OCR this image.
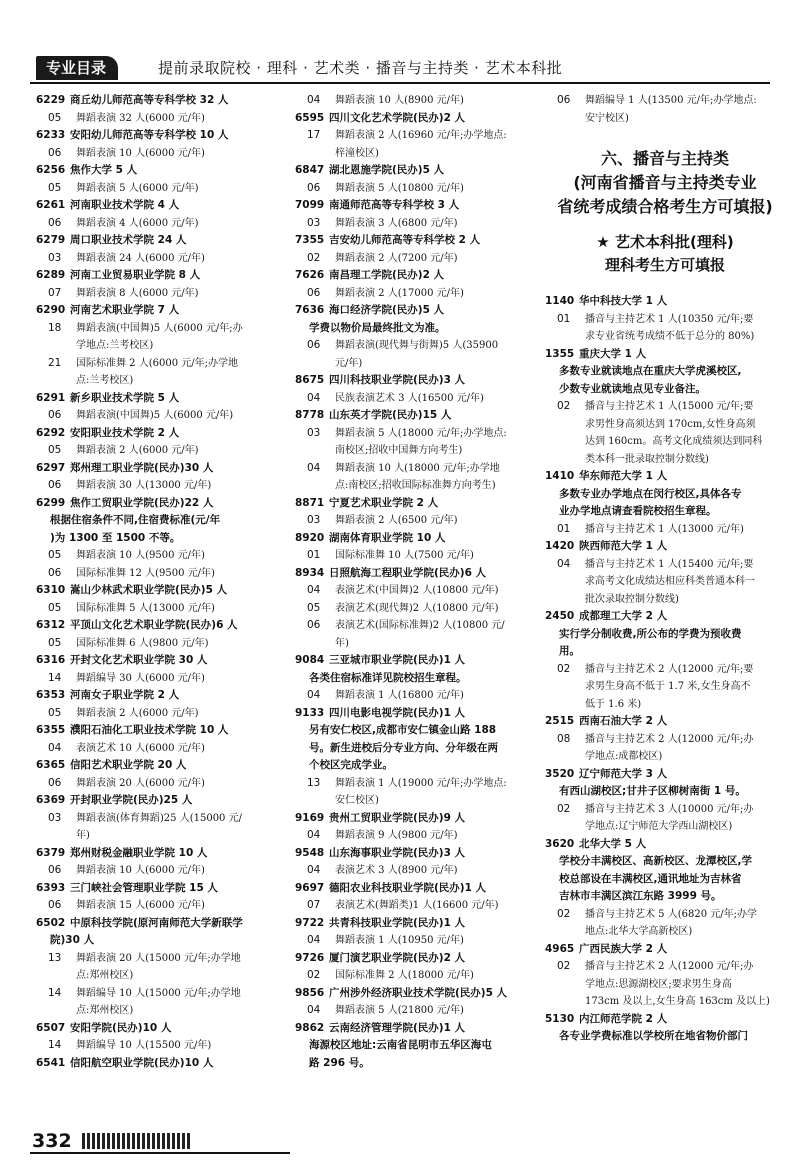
专业目录	提前录取院校 · 理科 · 艺术类 · 播音与主持类 · 艺术本科批
6229 商丘幼儿师范高等专科学校 32 人
05 舞蹈表演 32 人(6000 元/年)
6233 安阳幼儿师范高等专科学校 10 人
06 舞蹈表演 10 人(6000 元/年)
6256 焦作大学 5 人
05 舞蹈表演 5 人(6000 元/年)
6261 河南职业技术学院 4 人
06 舞蹈表演 4 人(6000 元/年)
6279 周口职业技术学院 24 人
03 舞蹈表演 24 人(6000 元/年)
6289 河南工业贸易职业学院 8 人
07 舞蹈表演 8 人(6000 元/年)
6290 河南艺术职业学院 7 人
18 舞蹈表演(中国舞)5 人(6000 元/年;办
学地点:兰考校区)
21 国际标准舞 2 人(6000 元/年;办学地
点:兰考校区)
6291 新乡职业技术学院 5 人
06 舞蹈表演(中国舞)5 人(6000 元/年)
6292 安阳职业技术学院 2 人
05 舞蹈表演 2 人(6000 元/年)
6297 郑州理工职业学院(民办)30 人
06 舞蹈表演 30 人(13000 元/年)
6299 焦作工贸职业学院(民办)22 人
根据住宿条件不同,住宿费标准(元/年
)为 1300 至 1500 不等。
05 舞蹈表演 10 人(9500 元/年)
06 国际标准舞 12 人(9500 元/年)
6310 嵩山少林武术职业学院(民办)5 人
05 国际标准舞 5 人(13000 元/年)
6312 平顶山文化艺术职业学院(民办)6 人
05 国际标准舞 6 人(9800 元/年)
6316 开封文化艺术职业学院 30 人
14 舞蹈编导 30 人(6000 元/年)
6353 河南女子职业学院 2 人
05 舞蹈表演 2 人(6000 元/年)
6355 濮阳石油化工职业技术学院 10 人
04 表演艺术 10 人(6000 元/年)
6365 信阳艺术职业学院 20 人
06 舞蹈表演 20 人(6000 元/年)
6369 开封职业学院(民办)25 人
03 舞蹈表演(体育舞蹈)25 人(15000 元/
年)
6379 郑州财税金融职业学院 10 人
06 舞蹈表演 10 人(6000 元/年)
6393 三门峡社会管理职业学院 15 人
06 舞蹈表演 15 人(6000 元/年)
6502 中原科技学院(原河南师范大学新联学
院)30 人
13 舞蹈表演 20 人(15000 元/年;办学地
点:郑州校区)
14 舞蹈编导 10 人(15000 元/年;办学地
点:郑州校区)
6507 安阳学院(民办)10 人
14 舞蹈编导 10 人(15500 元/年)
6541 信阳航空职业学院(民办)10 人
04 舞蹈表演 10 人(8900 元/年)
6595 四川文化艺术学院(民办)2 人
17 舞蹈表演 2 人(16960 元/年;办学地点:
梓潼校区)
6847 湖北恩施学院(民办)5 人
06 舞蹈表演 5 人(10800 元/年)
7099 南通师范高等专科学校 3 人
03 舞蹈表演 3 人(6800 元/年)
7355 吉安幼儿师范高等专科学校 2 人
02 舞蹈表演 2 人(7200 元/年)
7626 南昌理工学院(民办)2 人
06 舞蹈表演 2 人(17000 元/年)
7636 海口经济学院(民办)5 人
学费以物价局最终批文为准。
06 舞蹈表演(现代舞与街舞)5 人(35900
元/年)
8675 四川科技职业学院(民办)3 人
04 民族表演艺术 3 人(16500 元/年)
8778 山东英才学院(民办)15 人
03 舞蹈表演 5 人(18000 元/年;办学地点:
南校区;招收中国舞方向考生)
04 舞蹈表演 10 人(18000 元/年;办学地
点:南校区;招收国际标准舞方向考生)
8871 宁夏艺术职业学院 2 人
03 舞蹈表演 2 人(6500 元/年)
8920 湖南体育职业学院 10 人
01 国际标准舞 10 人(7500 元/年)
8934 日照航海工程职业学院(民办)6 人
04 表演艺术(中国舞)2 人(10800 元/年)
05 表演艺术(现代舞)2 人(10800 元/年)
06 表演艺术(国际标准舞)2 人(10800 元/
年)
9084 三亚城市职业学院(民办)1 人
各类住宿标准详见院校招生章程。
04 舞蹈表演 1 人(16800 元/年)
9133 四川电影电视学院(民办)1 人
另有安仁校区,成都市安仁镇金山路 188
号。新生进校后分专业方向、分年级在两
个校区完成学业。
13 舞蹈表演 1 人(19000 元/年;办学地点:
安仁校区)
9169 贵州工贸职业学院(民办)9 人
04 舞蹈表演 9 人(9800 元/年)
9548 山东海事职业学院(民办)3 人
04 表演艺术 3 人(8900 元/年)
9697 德阳农业科技职业学院(民办)1 人
07 表演艺术(舞蹈类)1 人(16600 元/年)
9722 共青科技职业学院(民办)1 人
04 舞蹈表演 1 人(10950 元/年)
9726 厦门演艺职业学院(民办)2 人
02 国际标准舞 2 人(18000 元/年)
9856 广州涉外经济职业技术学院(民办)5 人
04 舞蹈表演 5 人(21800 元/年)
9862 云南经济管理学院(民办)1 人
海源校区地址:云南省昆明市五华区海屯
路 296 号。
06 舞蹈编导 1 人(13500 元/年;办学地点:
安宁校区)
六、播音与主持类
(河南省播音与主持类专业
省统考成绩合格考生方可填报)
★ 艺术本科批(理科)
理科考生方可填报
1140 华中科技大学 1 人
01 播音与主持艺术 1 人(10350 元/年;要
求专业省统考成绩不低于总分的 80%)
1355 重庆大学 1 人
多数专业就读地点在重庆大学虎溪校区,
少数专业就读地点见专业备注。
02 播音与主持艺术 1 人(15000 元/年;要
求男性身高须达到 170cm,女性身高须
达到 160cm。高考文化成绩须达到同科
类本科一批录取控制分数线)
1410 华东师范大学 1 人
多数专业办学地点在闵行校区,具体各专
业办学地点请查看院校招生章程。
01 播音与主持艺术 1 人(13000 元/年)
1420 陕西师范大学 1 人
04 播音与主持艺术 1 人(15400 元/年;要
求高考文化成绩达相应科类普通本科一
批次录取控制分数线)
2450 成都理工大学 2 人
实行学分制收费,所公布的学费为预收费
用。
02 播音与主持艺术 2 人(12000 元/年;要
求男生身高不低于 1.7 米,女生身高不
低于 1.6 米)
2515 西南石油大学 2 人
08 播音与主持艺术 2 人(12000 元/年;办
学地点:成都校区)
3520 辽宁师范大学 3 人
有西山湖校区;甘井子区柳树南街 1 号。
02 播音与主持艺术 3 人(10000 元/年;办
学地点:辽宁师范大学西山湖校区)
3620 北华大学 5 人
学校分丰满校区、高新校区、龙潭校区,学
校总部设在丰满校区,通讯地址为吉林省
吉林市丰满区滨江东路 3999 号。
02 播音与主持艺术 5 人(6820 元/年;办学
地点:北华大学高新校区)
4965 广西民族大学 2 人
02 播音与主持艺术 2 人(12000 元/年;办
学地点:思源湖校区;要求男生身高
173cm 及以上,女生身高 163cm 及以上)
5130 内江师范学院 2 人
各专业学费标准以学校所在地省物价部门
332
